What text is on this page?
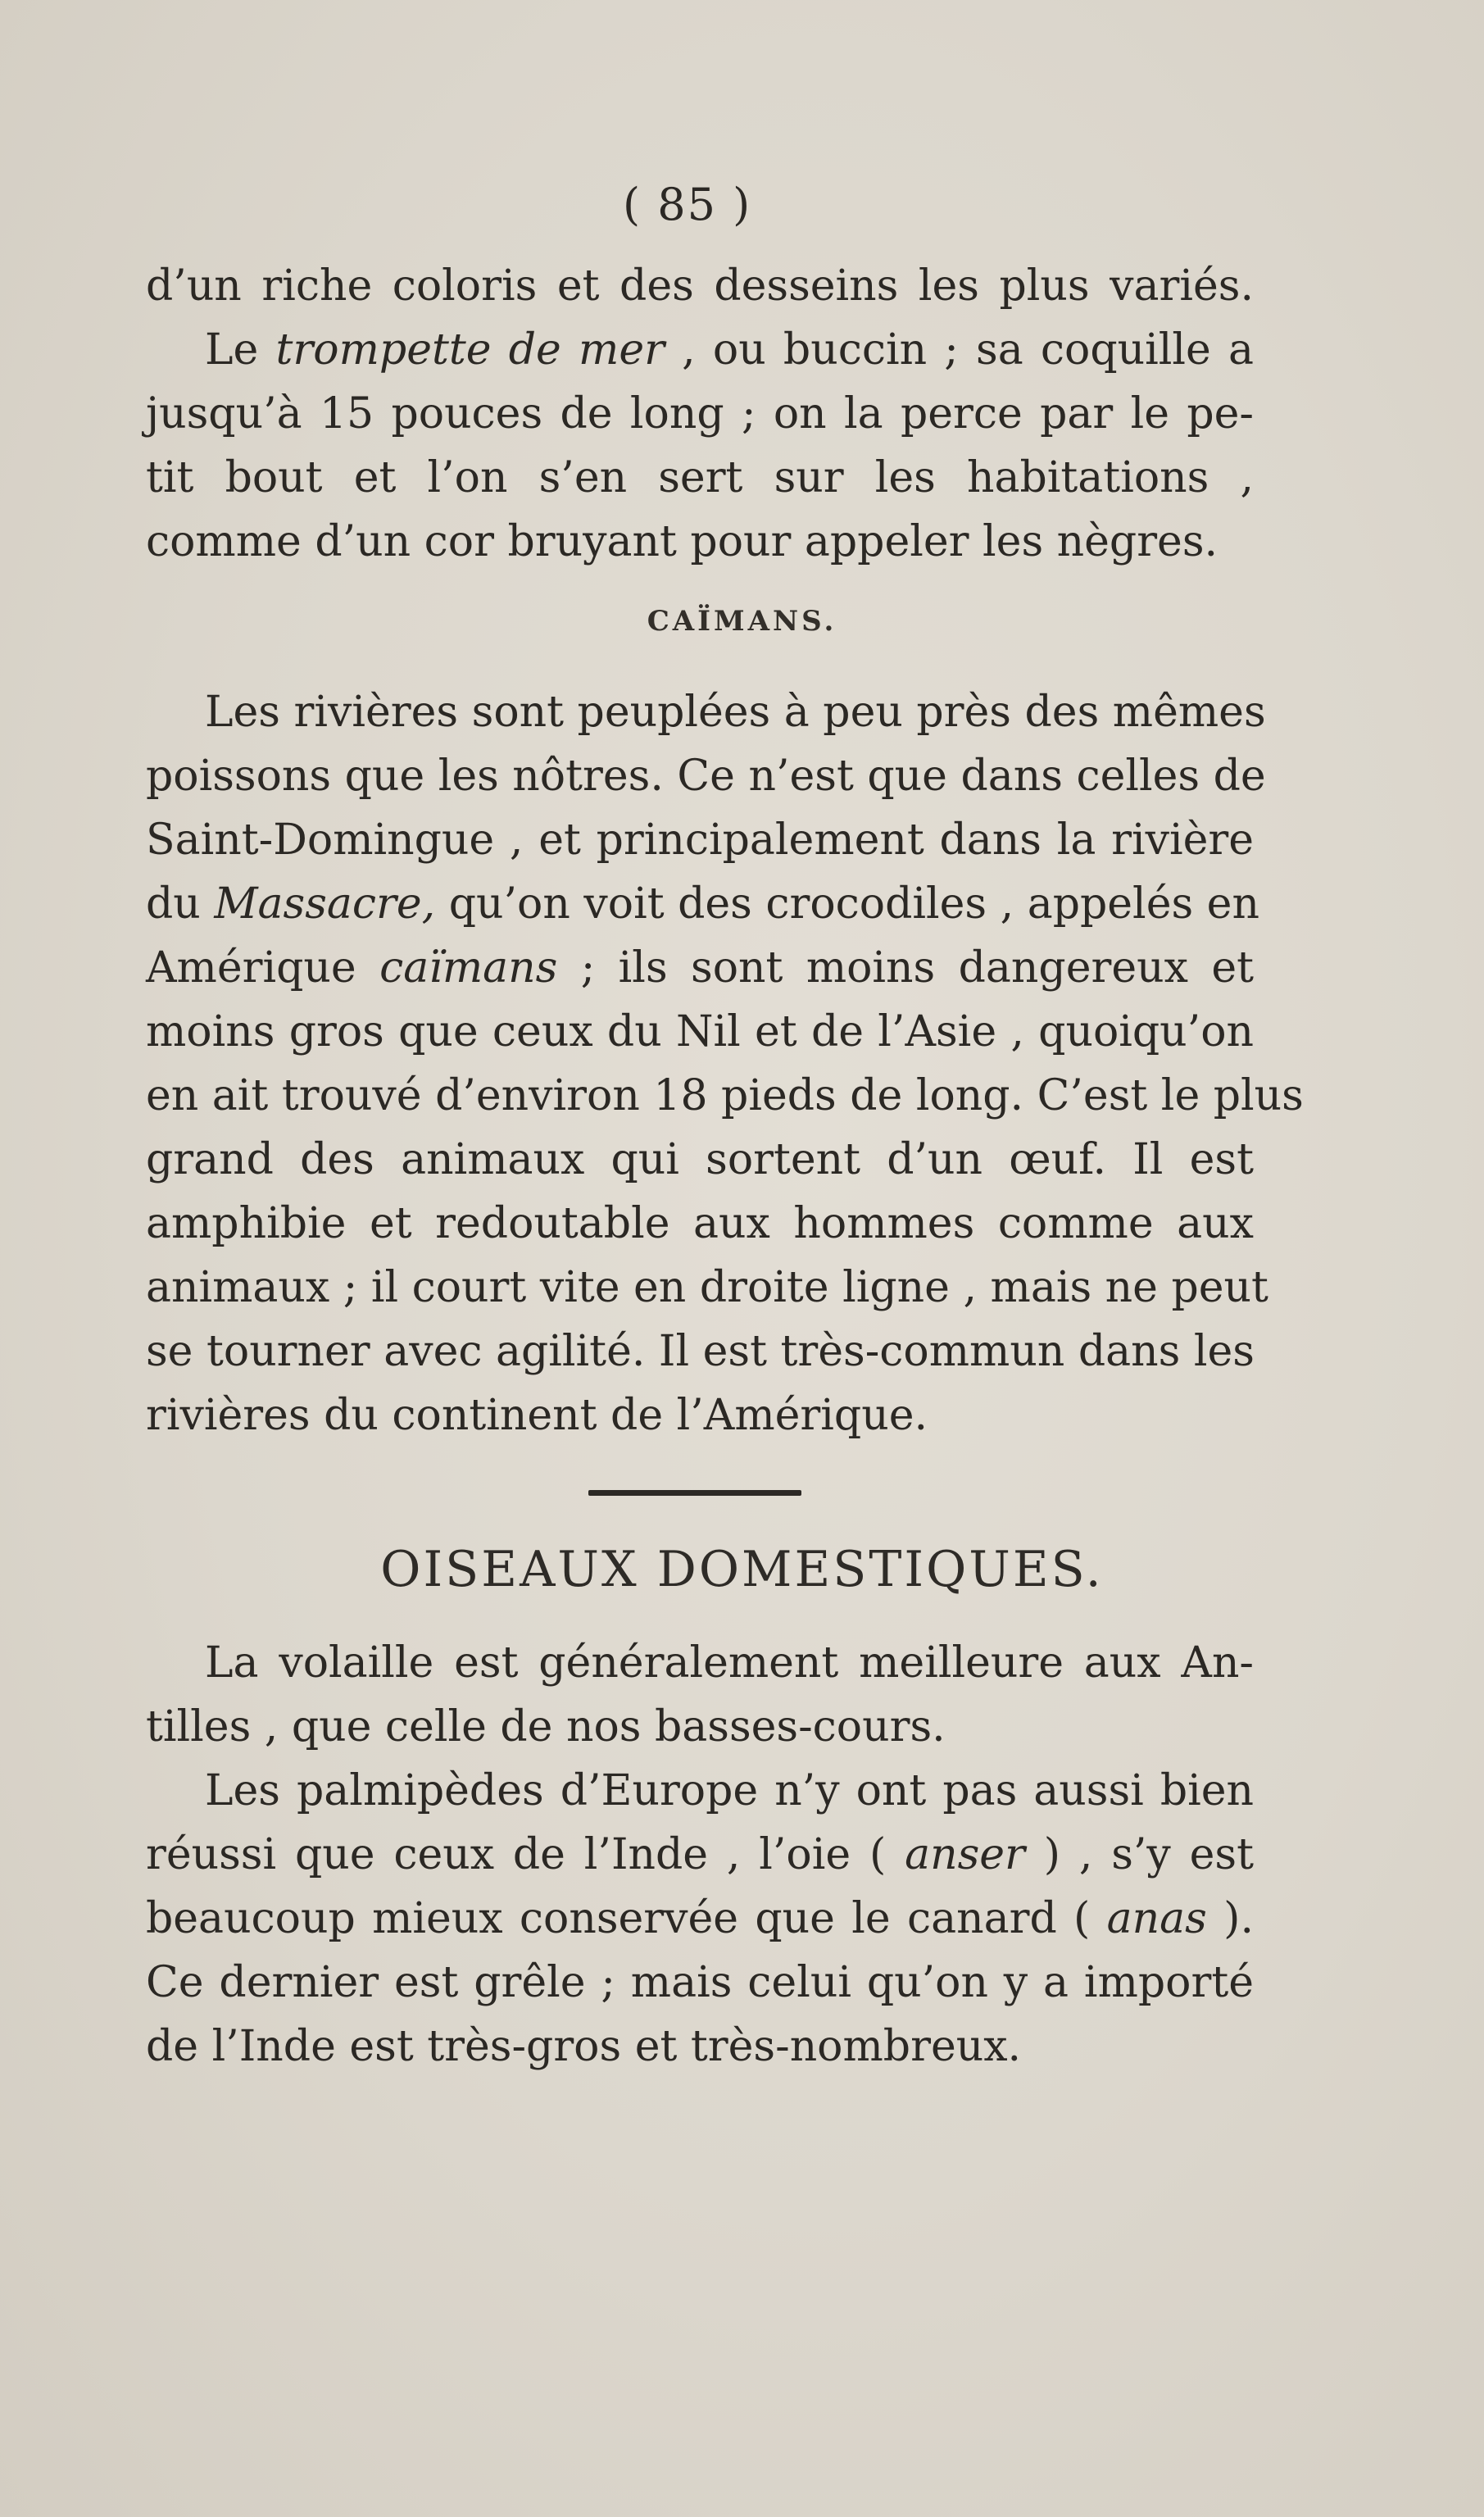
( 85 )
d’un riche coloris et des desseins les plus variés.
Le trompette de mer , ou buccin ; sa coquille a
jusqu’à 15 pouces de long ; on la perce par le pe-
tit bout et l’on s’en sert sur les habitations ,
comme d’un cor bruyant pour appeler les nègres.
CAÏMANS.
Les rivières sont peuplées à peu près des mêmes
poissons que les nôtres. Ce n’est que dans celles de
Saint-Domingue , et principalement dans la rivière
du Massacre, qu’on voit des crocodiles , appelés en
Amérique caïmans ; ils sont moins dangereux et
moins gros que ceux du Nil et de l’Asie , quoiqu’on
en ait trouvé d’environ 18 pieds de long. C’est le plus
grand des animaux qui sortent d’un œuf. Il est
amphibie et redoutable aux hommes comme aux
animaux ; il court vite en droite ligne , mais ne peut
se tourner avec agilité. Il est très-commun dans les
rivières du continent de l’Amérique.
OISEAUX DOMESTIQUES.
La volaille est généralement meilleure aux An-
tilles , que celle de nos basses-cours.
Les palmipèdes d’Europe n’y ont pas aussi bien
réussi que ceux de l’Inde , l’oie ( anser ) , s’y est
beaucoup mieux conservée que le canard ( anas ).
Ce dernier est grêle ; mais celui qu’on y a importé
de l’Inde est très-gros et très-nombreux.
